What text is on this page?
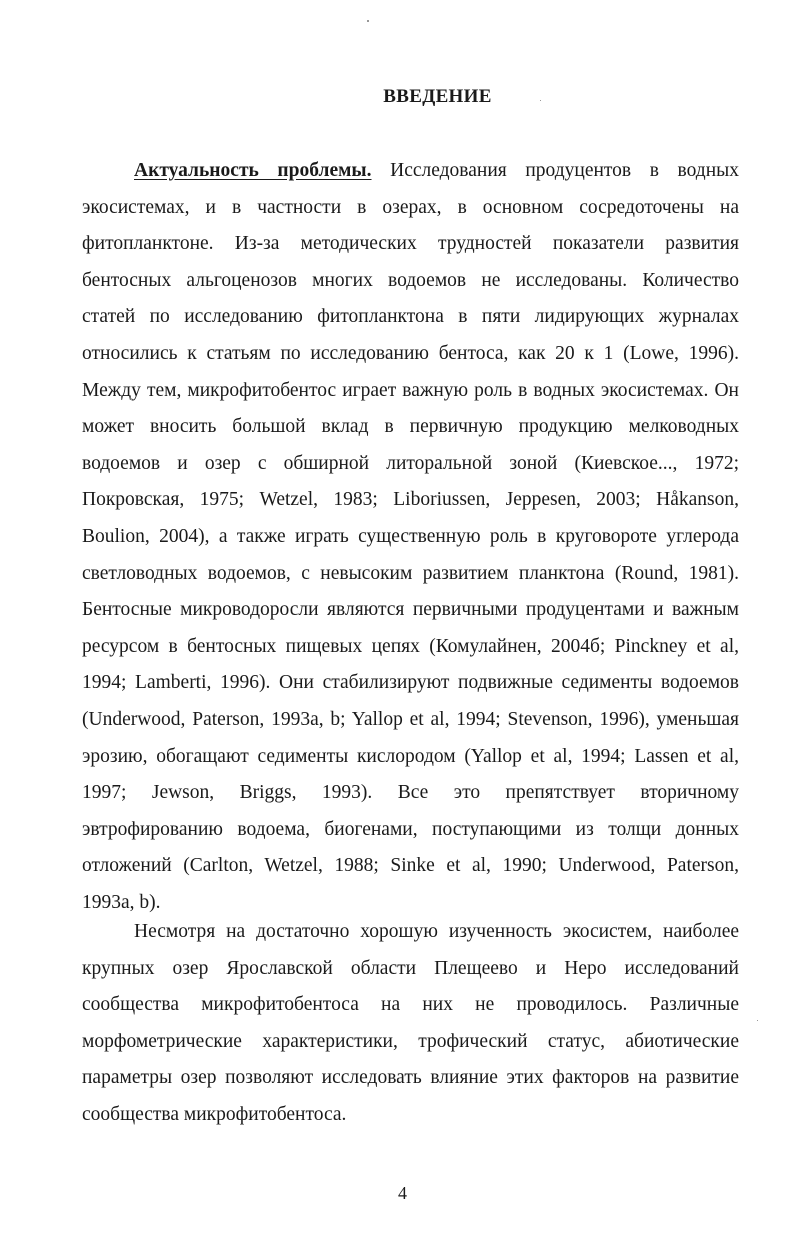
ВВЕДЕНИЕ
Актуальность проблемы. Исследования продуцентов в водных
экосистемах, и в частности в озерах, в основном сосредоточены на
фитопланктоне. Из-за методических трудностей показатели развития
бентосных альгоценозов многих водоемов не исследованы. Количество
статей по исследованию фитопланктона в пяти лидирующих журналах
относились к статьям по исследованию бентоса, как 20 к 1 (Lowe, 1996).
Между тем, микрофитобентос играет важную роль в водных экосистемах. Он
может вносить большой вклад в первичную продукцию мелководных
водоемов и озер с обширной литоральной зоной (Киевское..., 1972;
Покровская, 1975; Wetzel, 1983; Liboriussen, Jeppesen, 2003; Håkanson,
Boulion, 2004), а также играть существенную роль в круговороте углерода
светловодных водоемов, с невысоким развитием планктона (Round, 1981).
Бентосные микроводоросли являются первичными продуцентами и важным
ресурсом в бентосных пищевых цепях (Комулайнен, 2004б; Pinckney et al,
1994; Lamberti, 1996). Они стабилизируют подвижные седименты водоемов
(Underwood, Paterson, 1993a, b; Yallop et al, 1994; Stevenson, 1996), уменьшая
эрозию, обогащают седименты кислородом (Yallop et al, 1994; Lassen et al,
1997; Jewson, Briggs, 1993). Все это препятствует вторичному
эвтрофированию водоема, биогенами, поступающими из толщи донных
отложений (Carlton, Wetzel, 1988; Sinke et al, 1990; Underwood, Paterson,
1993a, b).
Несмотря на достаточно хорошую изученность экосистем, наиболее
крупных озер Ярославской области Плещеево и Неро исследований
сообщества микрофитобентоса на них не проводилось. Различные
морфометрические характеристики, трофический статус, абиотические
параметры озер позволяют исследовать влияние этих факторов на развитие
сообщества микрофитобентоса.
4
